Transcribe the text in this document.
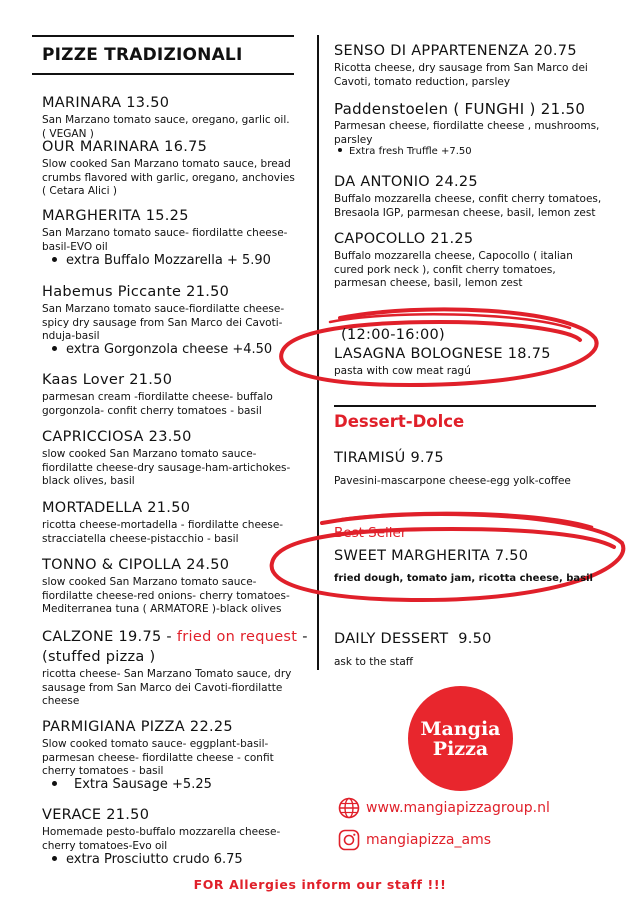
PIZZE TRADIZIONALI
MARINARA 13.50
San Marzano tomato sauce, oregano, garlic oil.
( VEGAN )
OUR MARINARA 16.75
Slow cooked San Marzano tomato sauce, bread
crumbs flavored with garlic, oregano, anchovies
( Cetara Alici )
MARGHERITA 15.25
San Marzano tomato sauce- fiordilatte cheese-
basil-EVO oil
extra Buffalo Mozzarella + 5.90
Habemus Piccante 21.50
San Marzano tomato sauce-fiordilatte cheese-
spicy dry sausage from San Marco dei Cavoti-
nduja-basil
extra Gorgonzola cheese +4.50
Kaas Lover 21.50
parmesan cream -fiordilatte cheese- buffalo
gorgonzola- confit cherry tomatoes - basil
CAPRICCIOSA 23.50
slow cooked San Marzano tomato sauce-
fiordilatte cheese-dry sausage-ham-artichokes-
black olives, basil
MORTADELLA 21.50
ricotta cheese-mortadella - fiordilatte cheese-
stracciatella cheese-pistacchio - basil
TONNO & CIPOLLA 24.50
slow cooked San Marzano tomato sauce-
fiordilatte cheese-red onions- cherry tomatoes-
Mediterranea tuna ( ARMATORE )-black olives
CALZONE 19.75 - fried on request -
(stuffed pizza )
ricotta cheese- San Marzano Tomato sauce, dry
sausage from San Marco dei Cavoti-fiordilatte
cheese
PARMIGIANA PIZZA 22.25
Slow cooked tomato sauce- eggplant-basil-
parmesan cheese- fiordilatte cheese - confit
cherry tomatoes - basil
Extra Sausage +5.25
VERACE 21.50
Homemade pesto-buffalo mozzarella cheese-
cherry tomatoes-Evo oil
extra Prosciutto crudo 6.75
SENSO DI APPARTENENZA 20.75
Ricotta cheese, dry sausage from San Marco dei
Cavoti, tomato reduction, parsley
Paddenstoelen ( FUNGHI ) 21.50
Parmesan cheese, fiordilatte cheese , mushrooms,
parsley
Extra fresh Truffle +7.50
DA ANTONIO 24.25
Buffalo mozzarella cheese, confit cherry tomatoes,
Bresaola IGP, parmesan cheese, basil, lemon zest
CAPOCOLLO 21.25
Buffalo mozzarella cheese, Capocollo ( italian
cured pork neck ), confit cherry tomatoes,
parmesan cheese, basil, lemon zest
(12:00-16:00)
LASAGNA BOLOGNESE 18.75
pasta with cow meat ragú
Dessert-Dolce
TIRAMISÚ 9.75
Pavesini-mascarpone cheese-egg yolk-coffee
Best Seller
SWEET MARGHERITA 7.50
fried dough, tomato jam, ricotta cheese, basil
DAILY DESSERT  9.50
ask to the staff
Mangia
Pizza
www.mangiapizzagroup.nl
mangiapizza_ams
FOR Allergies inform our staff !!!
